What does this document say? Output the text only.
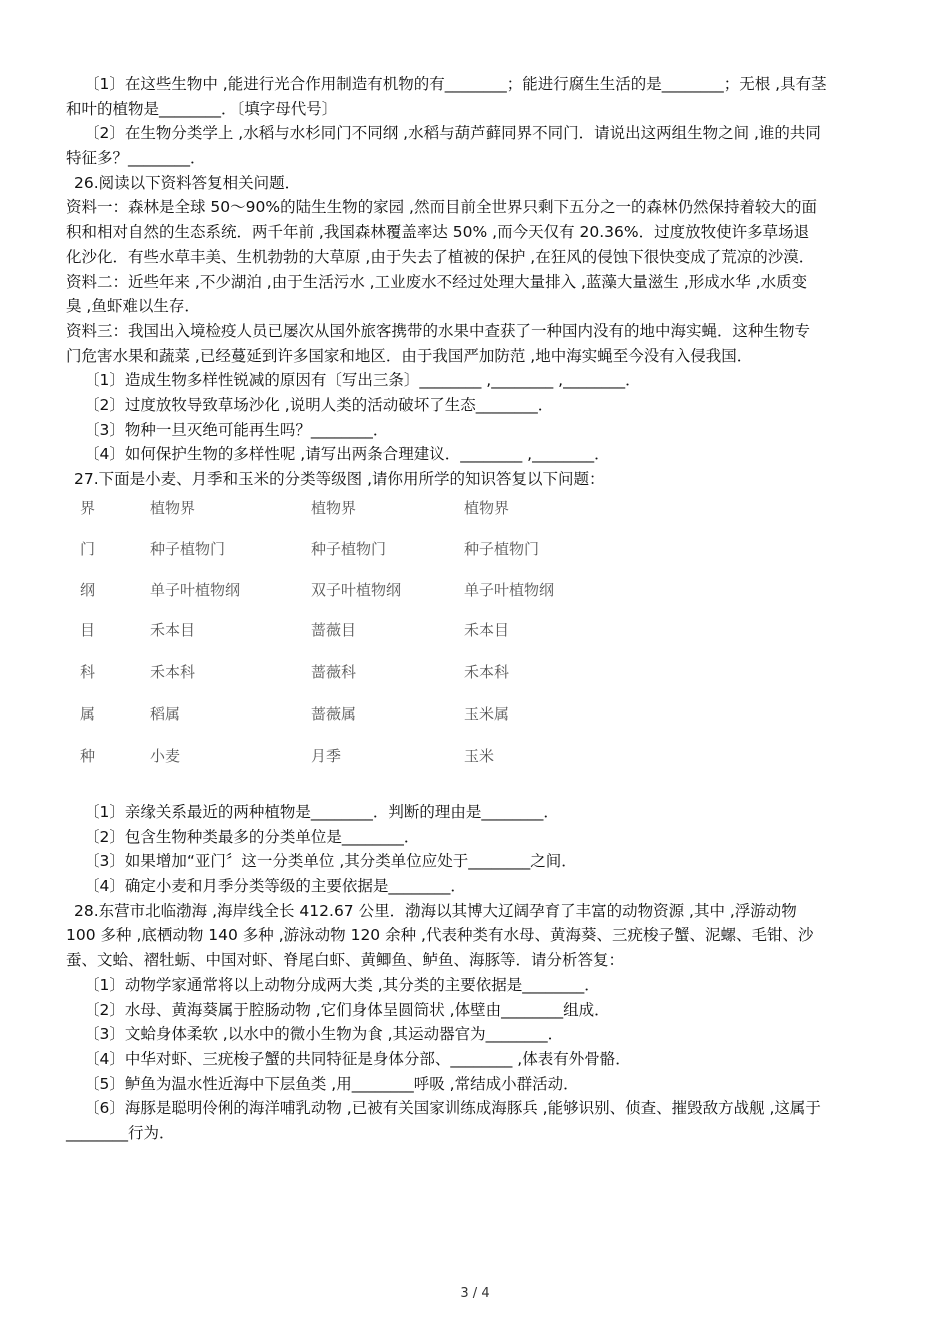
〔1〕在这些生物中 ,能进行光合作用制造有机物的有________；能进行腐生生活的是________；无根 ,具有茎
和叶的植物是________．〔填字母代号〕
〔2〕在生物分类学上 ,水稻与水杉同门不同纲 ,水稻与葫芦藓同界不同门．请说出这两组生物之间 ,谁的共同
特征多？________．
26.阅读以下资料答复相关问题．
资料一：森林是全球 50～90%的陆生生物的家园 ,然而目前全世界只剩下五分之一的森林仍然保持着较大的面
积和相对自然的生态系统．两千年前 ,我国森林覆盖率达 50% ,而今天仅有 20.36%．过度放牧使许多草场退
化沙化．有些水草丰美、生机勃勃的大草原 ,由于失去了植被的保护 ,在狂风的侵蚀下很快变成了荒凉的沙漠．
资料二：近些年来 ,不少湖泊 ,由于生活污水 ,工业废水不经过处理大量排入 ,蓝藻大量滋生 ,形成水华 ,水质变
臭 ,鱼虾难以生存．
资料三：我国出入境检疫人员已屡次从国外旅客携带的水果中查获了一种国内没有的地中海实蝇．这种生物专
门危害水果和蔬菜 ,已经蔓延到许多国家和地区．由于我国严加防范 ,地中海实蝇至今没有入侵我国．
〔1〕造成生物多样性锐减的原因有〔写出三条〕________ ,________ ,________．
〔2〕过度放牧导致草场沙化 ,说明人类的活动破坏了生态________．
〔3〕物种一旦灭绝可能再生吗？________．
〔4〕如何保护生物的多样性呢 ,请写出两条合理建议．________ ,________．
27.下面是小麦、月季和玉米的分类等级图 ,请你用所学的知识答复以下问题：
界	植物界	植物界	植物界
门	种子植物门	种子植物门	种子植物门
纲	单子叶植物纲	双子叶植物纲	单子叶植物纲
目	禾本目	蔷薇目	禾本目
科	禾本科	蔷薇科	禾本科
属	稻属	蔷薇属	玉米属
种	小麦	月季	玉米
〔1〕亲缘关系最近的两种植物是________．判断的理由是________．
〔2〕包含生物种类最多的分类单位是________．
〔3〕如果增加“亚门〞这一分类单位 ,其分类单位应处于________之间．
〔4〕确定小麦和月季分类等级的主要依据是________．
28.东营市北临渤海 ,海岸线全长 412.67 公里．渤海以其博大辽阔孕育了丰富的动物资源 ,其中 ,浮游动物
100 多种 ,底栖动物 140 多种 ,游泳动物 120 余种 ,代表种类有水母、黄海葵、三疣梭子蟹、泥螺、毛钳、沙
蚕、文蛤、褶牡蛎、中国对虾、脊尾白虾、黄鲫鱼、鲈鱼、海豚等．请分析答复：
〔1〕动物学家通常将以上动物分成两大类 ,其分类的主要依据是________．
〔2〕水母、黄海葵属于腔肠动物 ,它们身体呈圆筒状 ,体壁由________组成．
〔3〕文蛤身体柔软 ,以水中的微小生物为食 ,其运动器官为________．
〔4〕中华对虾、三疣梭子蟹的共同特征是身体分部、________ ,体表有外骨骼．
〔5〕鲈鱼为温水性近海中下层鱼类 ,用________呼吸 ,常结成小群活动．
〔6〕海豚是聪明伶俐的海洋哺乳动物 ,已被有关国家训练成海豚兵 ,能够识别、侦查、摧毁敌方战舰 ,这属于
________行为．
3 / 4
